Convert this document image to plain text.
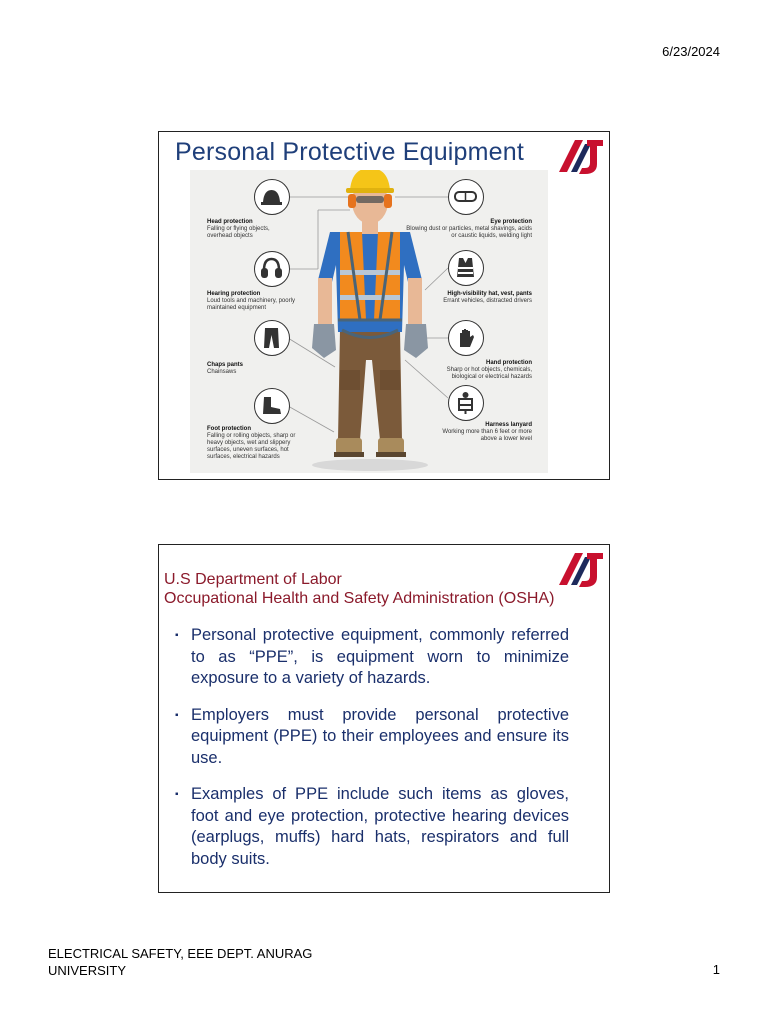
6/23/2024
Personal Protective Equipment
Head protection
Falling or flying objects, overhead objects
Hearing protection
Loud tools and machinery, poorly maintained equipment
Chaps pants
Chainsaws
Foot protection
Falling or rolling objects, sharp or heavy objects, wet and slippery surfaces, uneven surfaces, hot surfaces, electrical hazards
Eye protection
Blowing dust or particles, metal shavings, acids or caustic liquids, welding light
High-visibility hat, vest, pants
Errant vehicles, distracted drivers
Hand protection
Sharp or hot objects, chemicals, biological or electrical hazards
Harness lanyard
Working more than 6 feet or more above a lower level
U.S Department of Labor
Occupational Health and Safety Administration (OSHA)
▪ Personal protective equipment, commonly referred to as “PPE”, is equipment worn to minimize exposure to a variety of hazards.
▪ Employers must provide personal protective equipment (PPE) to their employees and ensure its use.
▪ Examples of PPE include such items as gloves, foot and eye protection, protective hearing devices (earplugs, muffs) hard hats, respirators and full body suits.
ELECTRICAL SAFETY, EEE DEPT. ANURAG
UNIVERSITY	1
